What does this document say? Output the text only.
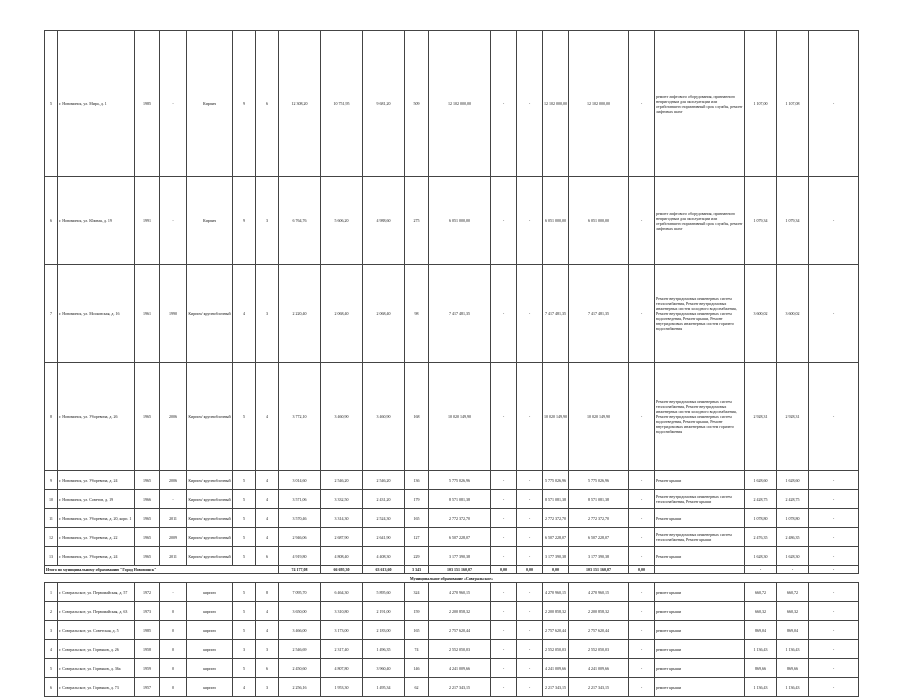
5	г. Новоминск, ул. Мира, д. 1	1985	-	Кирпич	9	6	12 308,20	10 751,95	9 681,20	509	12 102 000,00	-	-	12 102 000,00	12 102 000,00	-	ремонт лифтового оборудования, признанного непригодным для эксплуатации или отработавшего нормативный срок службы, ремонт лифтовых шахт	1 107,00	1 107,08	-
6	г. Новоминск, ул. Южная, д. 19	1991	-	Кирпич	9	3	6 764,76	5 606,20	4 988,60	275	6 051 000,00	-	-	6 051 000,00	6 051 000,00	-	ремонт лифтового оборудования, признанного непригодным для эксплуатации или отработавшего нормативный срок службы, ремонт лифтовых шахт	1 079,34	1 079,34	-
7	г. Новоминск, ул. Московская, д. 16	1961	1990	Кирпич/ крупноблочный	4	3	2 220,40	2 068,40	2 068,40	98	7 417 481,35	-	-	7 417 481,35	7 417 481,35	-	Ремонт внутридомовых инженерных систем теплоснабжения, Ремонт внутридомовых инженерных систем холодного водоснабжения, Ремонт внутридомовых инженерных систем водоотведения, Ремонт крыши, Ремонт внутридомовых инженерных систем горячего водоснабжения	3 600,02	3 600,02	-
8	г. Новоминск, ул. Уборевича, д. 26	1965	2006	Кирпич/ крупноблочный	5	4	3 772,10	3 460,90	3 460,90	168	10 020 149,90	-	-	10 020 149,90	10 020 149,90	-	Ремонт внутридомовых инженерных систем теплоснабжения, Ремонт внутридомовых инженерных систем холодного водоснабжения, Ремонт внутридомовых инженерных систем водоотведения, Ремонт крыши, Ремонт внутридомовых инженерных систем горячего водоснабжения	2 928,31	2 928,31	-
9	г. Новоминск, ул. Уборевича, д. 24	1965	2006	Кирпич/ крупноблочный	5	4	3 014,60	2 546,20	2 546,20	136	5 775 026,96	-	-	5 775 026,96	5 775 026,96	-	Ремонт крыши	1 628,60	1 628,60	-
10	г. Новоминск, ул. Советов, д. 19	1966	-	Кирпич/ крупноблочный	5	4	3 571,06	3 332,50	2 431,20	179	8 571 081,38	-	-	8 571 081,38	8 571 081,38	-	Ремонт внутридомовых инженерных систем теплоснабжения, Ремонт крыши	2 428,75	2 428,75	-
11	г. Новоминск, ул. Уборевича, д. 20, корп. 1	1965	2011	Кирпич/ крупноблочный	5	4	3 570,46	3 314,30	2 524,30	165	2 772 372,70	-	-	2 772 372,70	2 772 372,70	-	Ремонт крыши	1 078,80	1 078,80	-
12	г. Новоминск, ул. Уборевича, д. 22	1965	2009	Кирпич/ крупноблочный	5	4	2 946,06	2 687,90	2 641,90	127	6 507 228,07	-	-	6 507 228,07	6 507 228,07	-	Ремонт внутридомовых инженерных систем теплоснабжения, Ремонт крыши	2 476,35	2 486,35	-
13	г. Новоминск, ул. Уборевича, д. 24	1965	2011	Кирпич/ крупноблочный	5	6	4 919,80	4 808,40	4 408,30	229	3 177 390,38	-	-	3 177 390,38	3 177 390,38	-	Ремонт крыши	1 628,30	1 628,30	-
Итого по муниципальному образованию "Город Новоминск"							74 177,08	66 695,30	63 613,60	3 343	103 151 160,07	0,00	0,00	0,00	103 151 160,07	0,00		-	-	-
Муниципальное образование «Совгральское»																				
1	г. Совгральское, ул. Первомайская, д. 57	1972	-	кирпич	5	8	7 095,70	6 464,30	5 895,60	324	4 270 960,15	-	-	4 270 960,15	4 270 960,15	-	ремонт крыши	660,72	660,72	-
2	г. Совгральское, ул. Первомайская, д. 63	1973	0	кирпич	5	4	3 650,00	3 310,80	2 191,00	159	2 200 858,32	-	-	2 200 858,32	2 200 858,32	-	ремонт крыши	660,32	660,32	-
3	г. Совгральское, ул. Советская, д. 5	1985	0	кирпич	5	4	3 466,00	3 173,00	2 183,00	165	2 757 620,44	-	-	2 757 620,44	2 757 620,44	-	ремонт крыши	869,04	869,04	-
4	г. Совгральское, ул. Горняков, д. 26	1958	0	кирпич	3	3	2 546,69	2 317,40	1 496,35	74	2 552 050,03	-	-	2 552 050,03	2 552 050,03	-	ремонт крыши	1 136,43	1 136,43	-
5	г. Совгральское, ул. Горняков, д. 36а	1959	0	кирпич	5	6	2 450,60	4 807,80	3 960,40	146	4 241 009,66	-	-	4 241 009,66	4 241 009,66	-	ремонт крыши	869,66	869,66	-
6	г. Совгральское, ул. Горняков, д. 73	1957	0	кирпич	4	3	2 256,16	1 953,30	1 495,34	62	2 217 343,15	-	-	2 217 343,15	2 217 343,15	-	ремонт крыши	1 136,43	1 136,43	-
